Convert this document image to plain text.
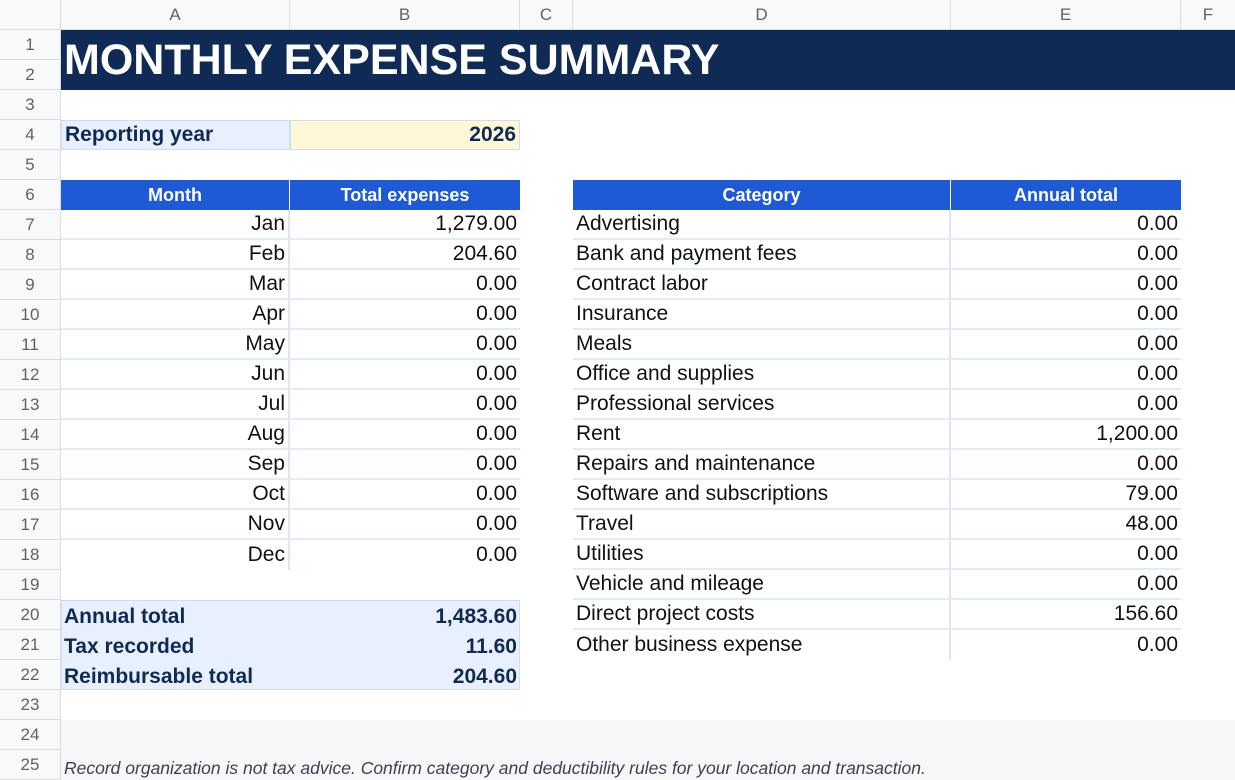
A	B	C	D	E	F
1
2
3
4
5
6
7
8
9
10
11
12
13
14
15
16
17
18
19
20
21
22
23
24
25
MONTHLY EXPENSE SUMMARY
Reporting year	2026
Month	Total expenses
Jan	1,279.00
Feb	204.60
Mar	0.00
Apr	0.00
May	0.00
Jun	0.00
Jul	0.00
Aug	0.00
Sep	0.00
Oct	0.00
Nov	0.00
Dec	0.00
Annual total	1,483.60
Tax recorded	11.60
Reimbursable total	204.60
Category	Annual total
Advertising	0.00
Bank and payment fees	0.00
Contract labor	0.00
Insurance	0.00
Meals	0.00
Office and supplies	0.00
Professional services	0.00
Rent	1,200.00
Repairs and maintenance	0.00
Software and subscriptions	79.00
Travel	48.00
Utilities	0.00
Vehicle and mileage	0.00
Direct project costs	156.60
Other business expense	0.00
Record organization is not tax advice. Confirm category and deductibility rules for your location and transaction.
